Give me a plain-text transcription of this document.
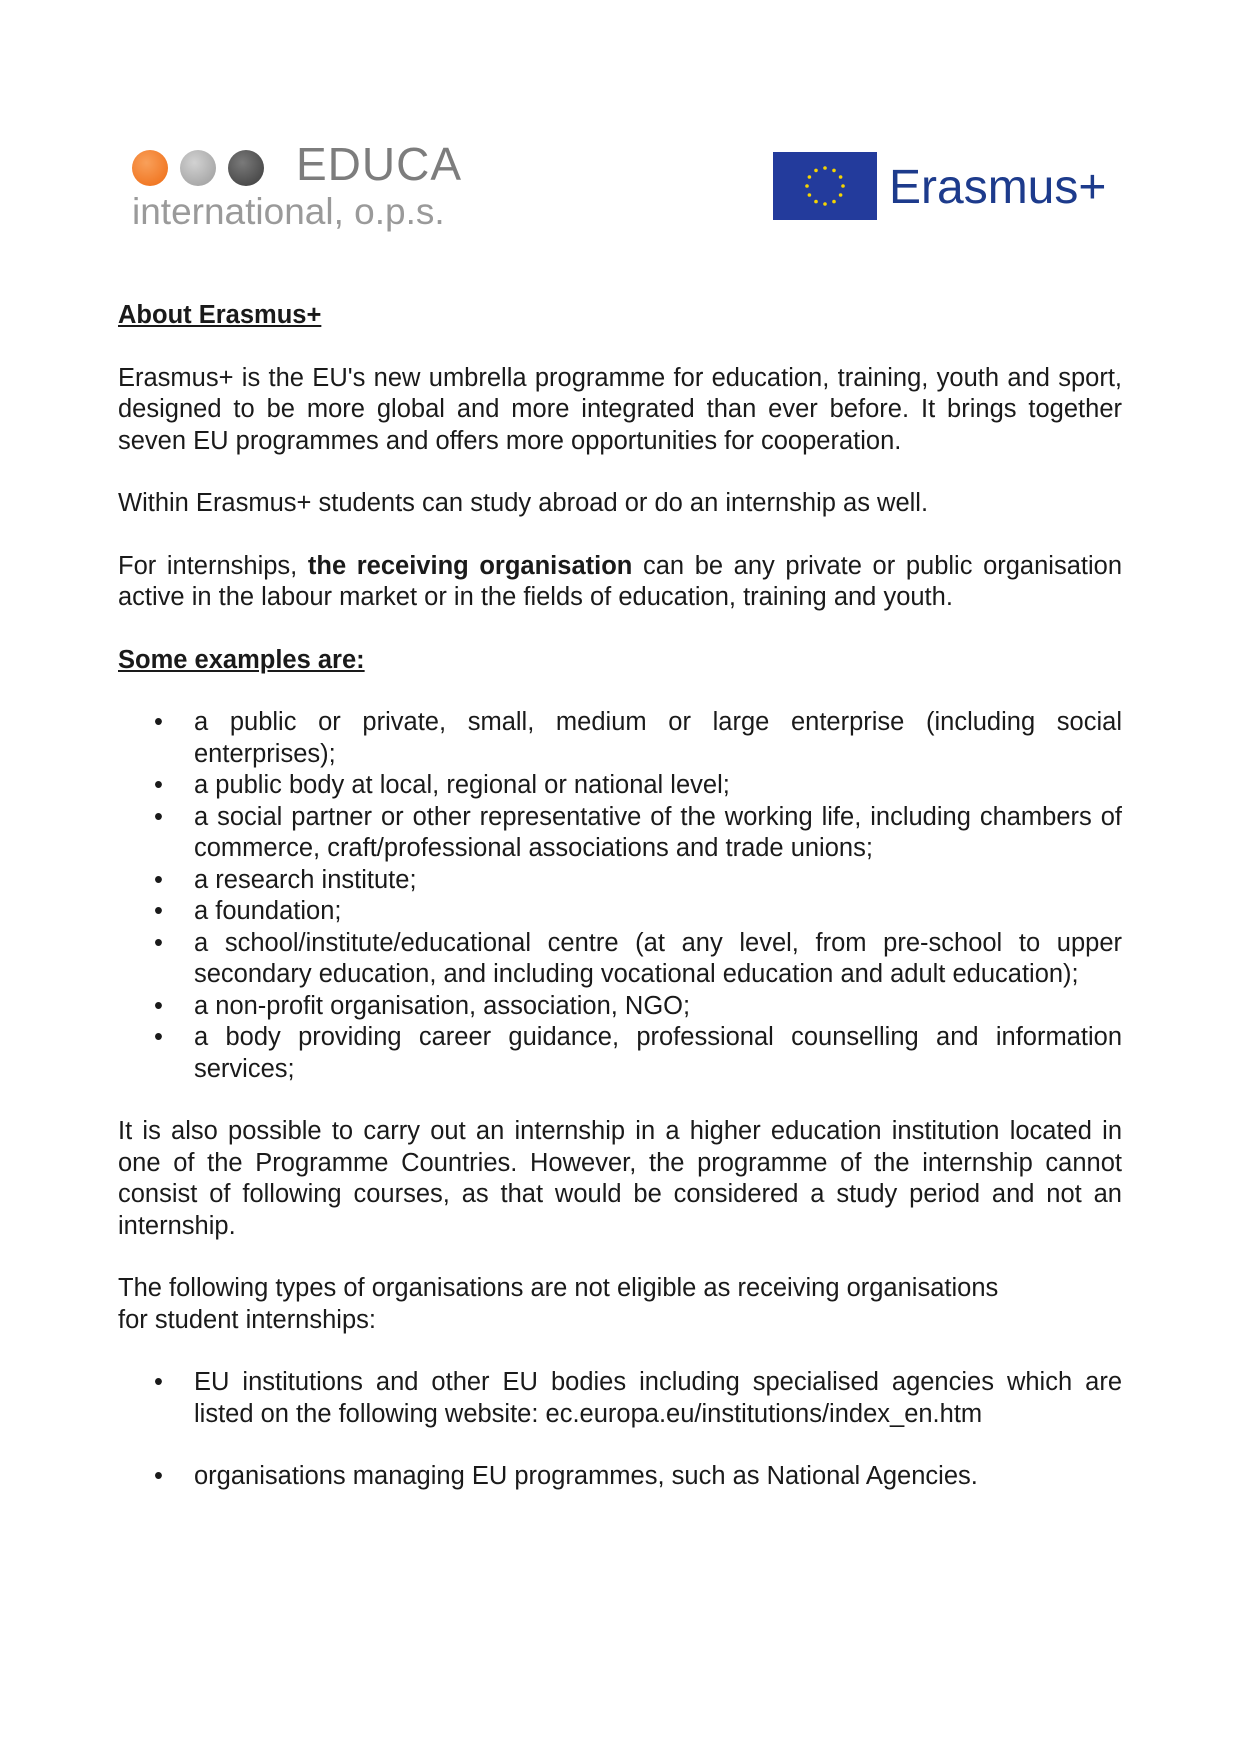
EDUCA
international, o.p.s.	Erasmus+
About Erasmus+

Erasmus+ is the EU's new umbrella programme for education, training, youth and sport, designed to be more global and more integrated than ever before. It brings together seven EU programmes and offers more opportunities for cooperation.

Within Erasmus+ students can study abroad or do an internship as well.

For internships, the receiving organisation can be any private or public organisation active in the labour market or in the fields of education, training and youth.

Some examples are:
• a public or private, small, medium or large enterprise (including social enterprises);
• a public body at local, regional or national level;
• a social partner or other representative of the working life, including chambers of commerce, craft/professional associations and trade unions;
• a research institute;
• a foundation;
• a school/institute/educational centre (at any level, from pre-school to upper secondary education, and including vocational education and adult education);
• a non-profit organisation, association, NGO;
• a body providing career guidance, professional counselling and information services;

It is also possible to carry out an internship in a higher education institution located in one of the Programme Countries. However, the programme of the internship cannot consist of following courses, as that would be considered a study period and not an internship.

The following types of organisations are not eligible as receiving organisations
for student internships:

• EU institutions and other EU bodies including specialised agencies which are listed on the following website: ec.europa.eu/institutions/index_en.htm
• organisations managing EU programmes, such as National Agencies.
